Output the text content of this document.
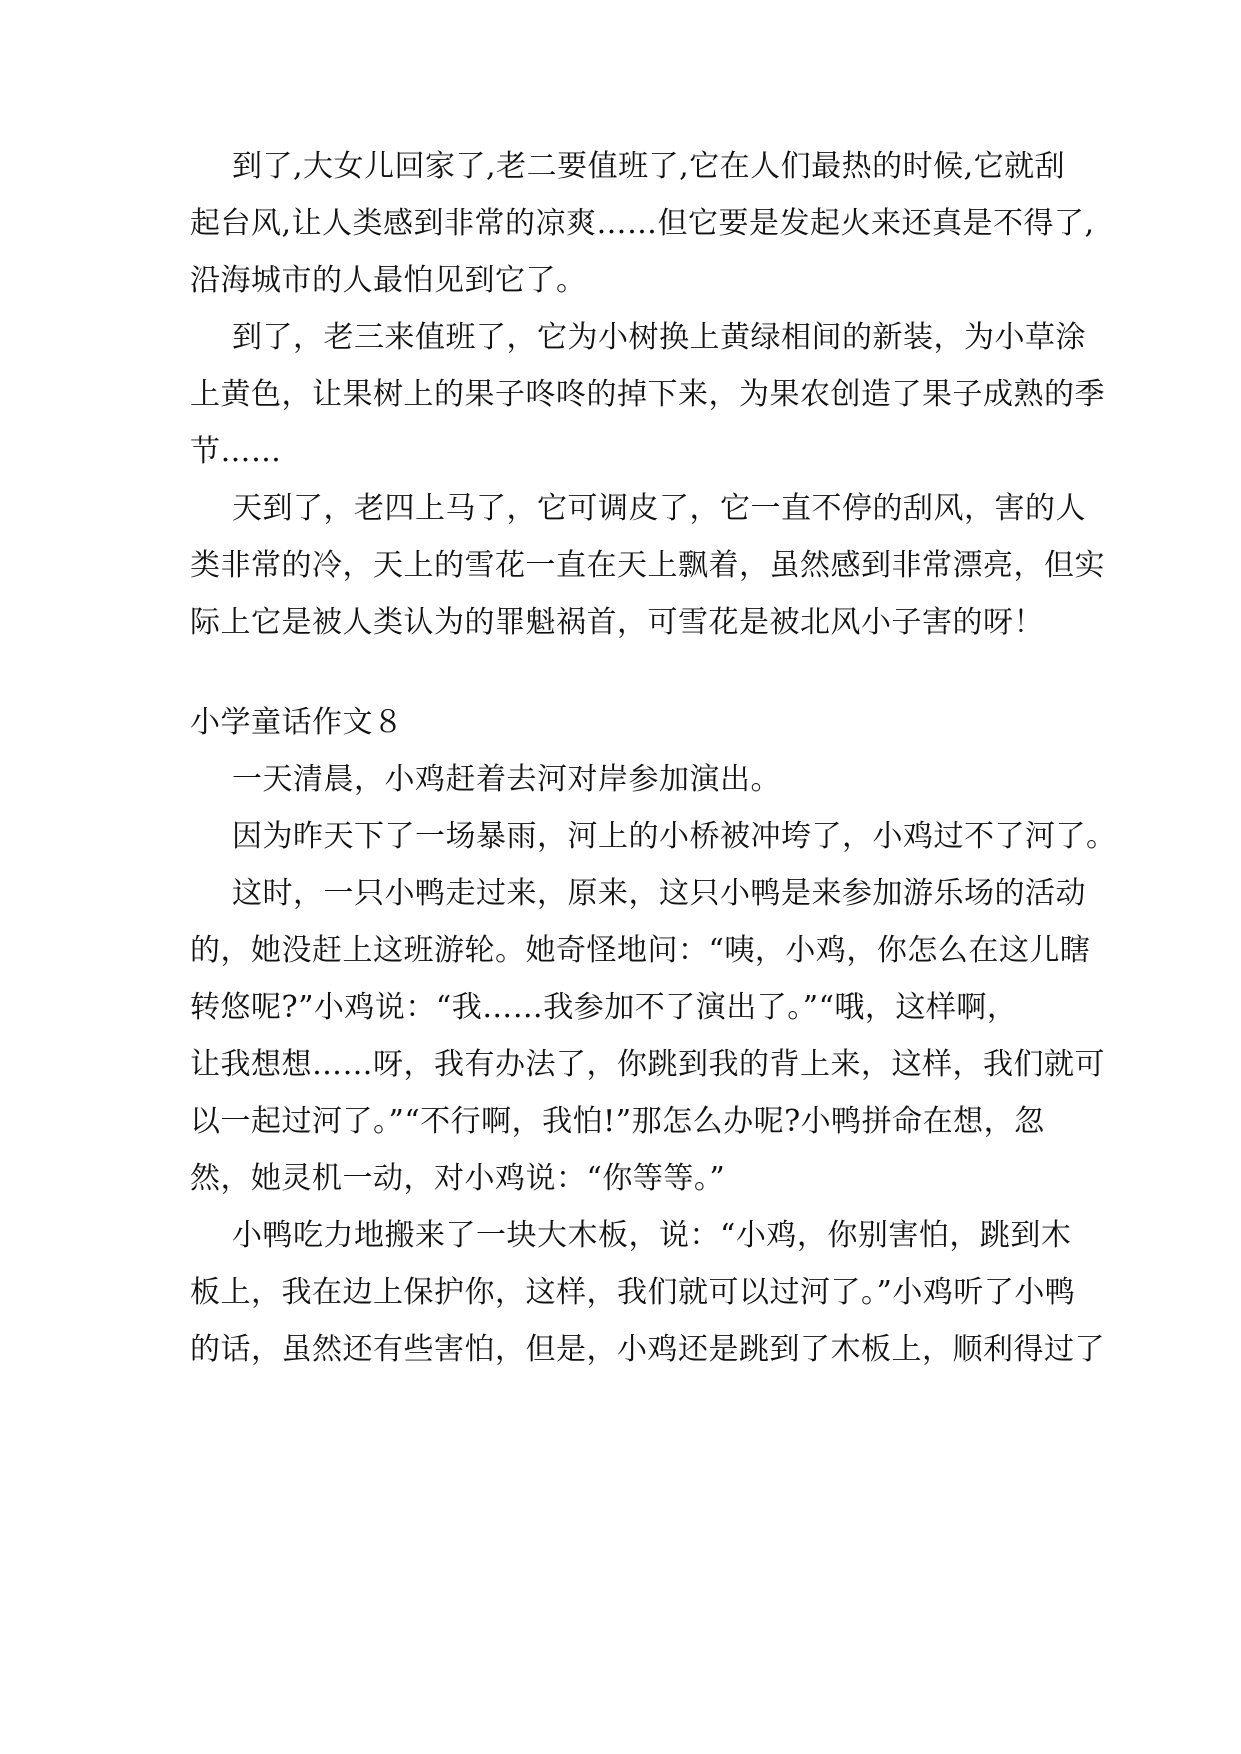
到了,大女儿回家了,老二要值班了,它在人们最热的时候,它就刮
起台风,让人类感到非常的凉爽……但它要是发起火来还真是不得了,
沿海城市的人最怕见到它了。
到了，老三来值班了，它为小树换上黄绿相间的新装，为小草涂
上黄色，让果树上的果子咚咚的掉下来，为果农创造了果子成熟的季
节……
天到了，老四上马了，它可调皮了，它一直不停的刮风，害的人
类非常的冷，天上的雪花一直在天上飘着，虽然感到非常漂亮，但实
际上它是被人类认为的罪魁祸首，可雪花是被北风小子害的呀！
小学童话作文８
一天清晨，小鸡赶着去河对岸参加演出。
因为昨天下了一场暴雨，河上的小桥被冲垮了，小鸡过不了河了。
这时，一只小鸭走过来，原来，这只小鸭是来参加游乐场的活动
的，她没赶上这班游轮。她奇怪地问：“咦，小鸡，你怎么在这儿瞎
转悠呢?”小鸡说：“我……我参加不了演出了。”“哦，这样啊，
让我想想……呀，我有办法了，你跳到我的背上来，这样，我们就可
以一起过河了。”“不行啊，我怕!”那怎么办呢?小鸭拼命在想，忽
然，她灵机一动，对小鸡说：“你等等。”
小鸭吃力地搬来了一块大木板，说：“小鸡，你别害怕，跳到木
板上，我在边上保护你，这样，我们就可以过河了。”小鸡听了小鸭
的话，虽然还有些害怕，但是，小鸡还是跳到了木板上，顺利得过了
